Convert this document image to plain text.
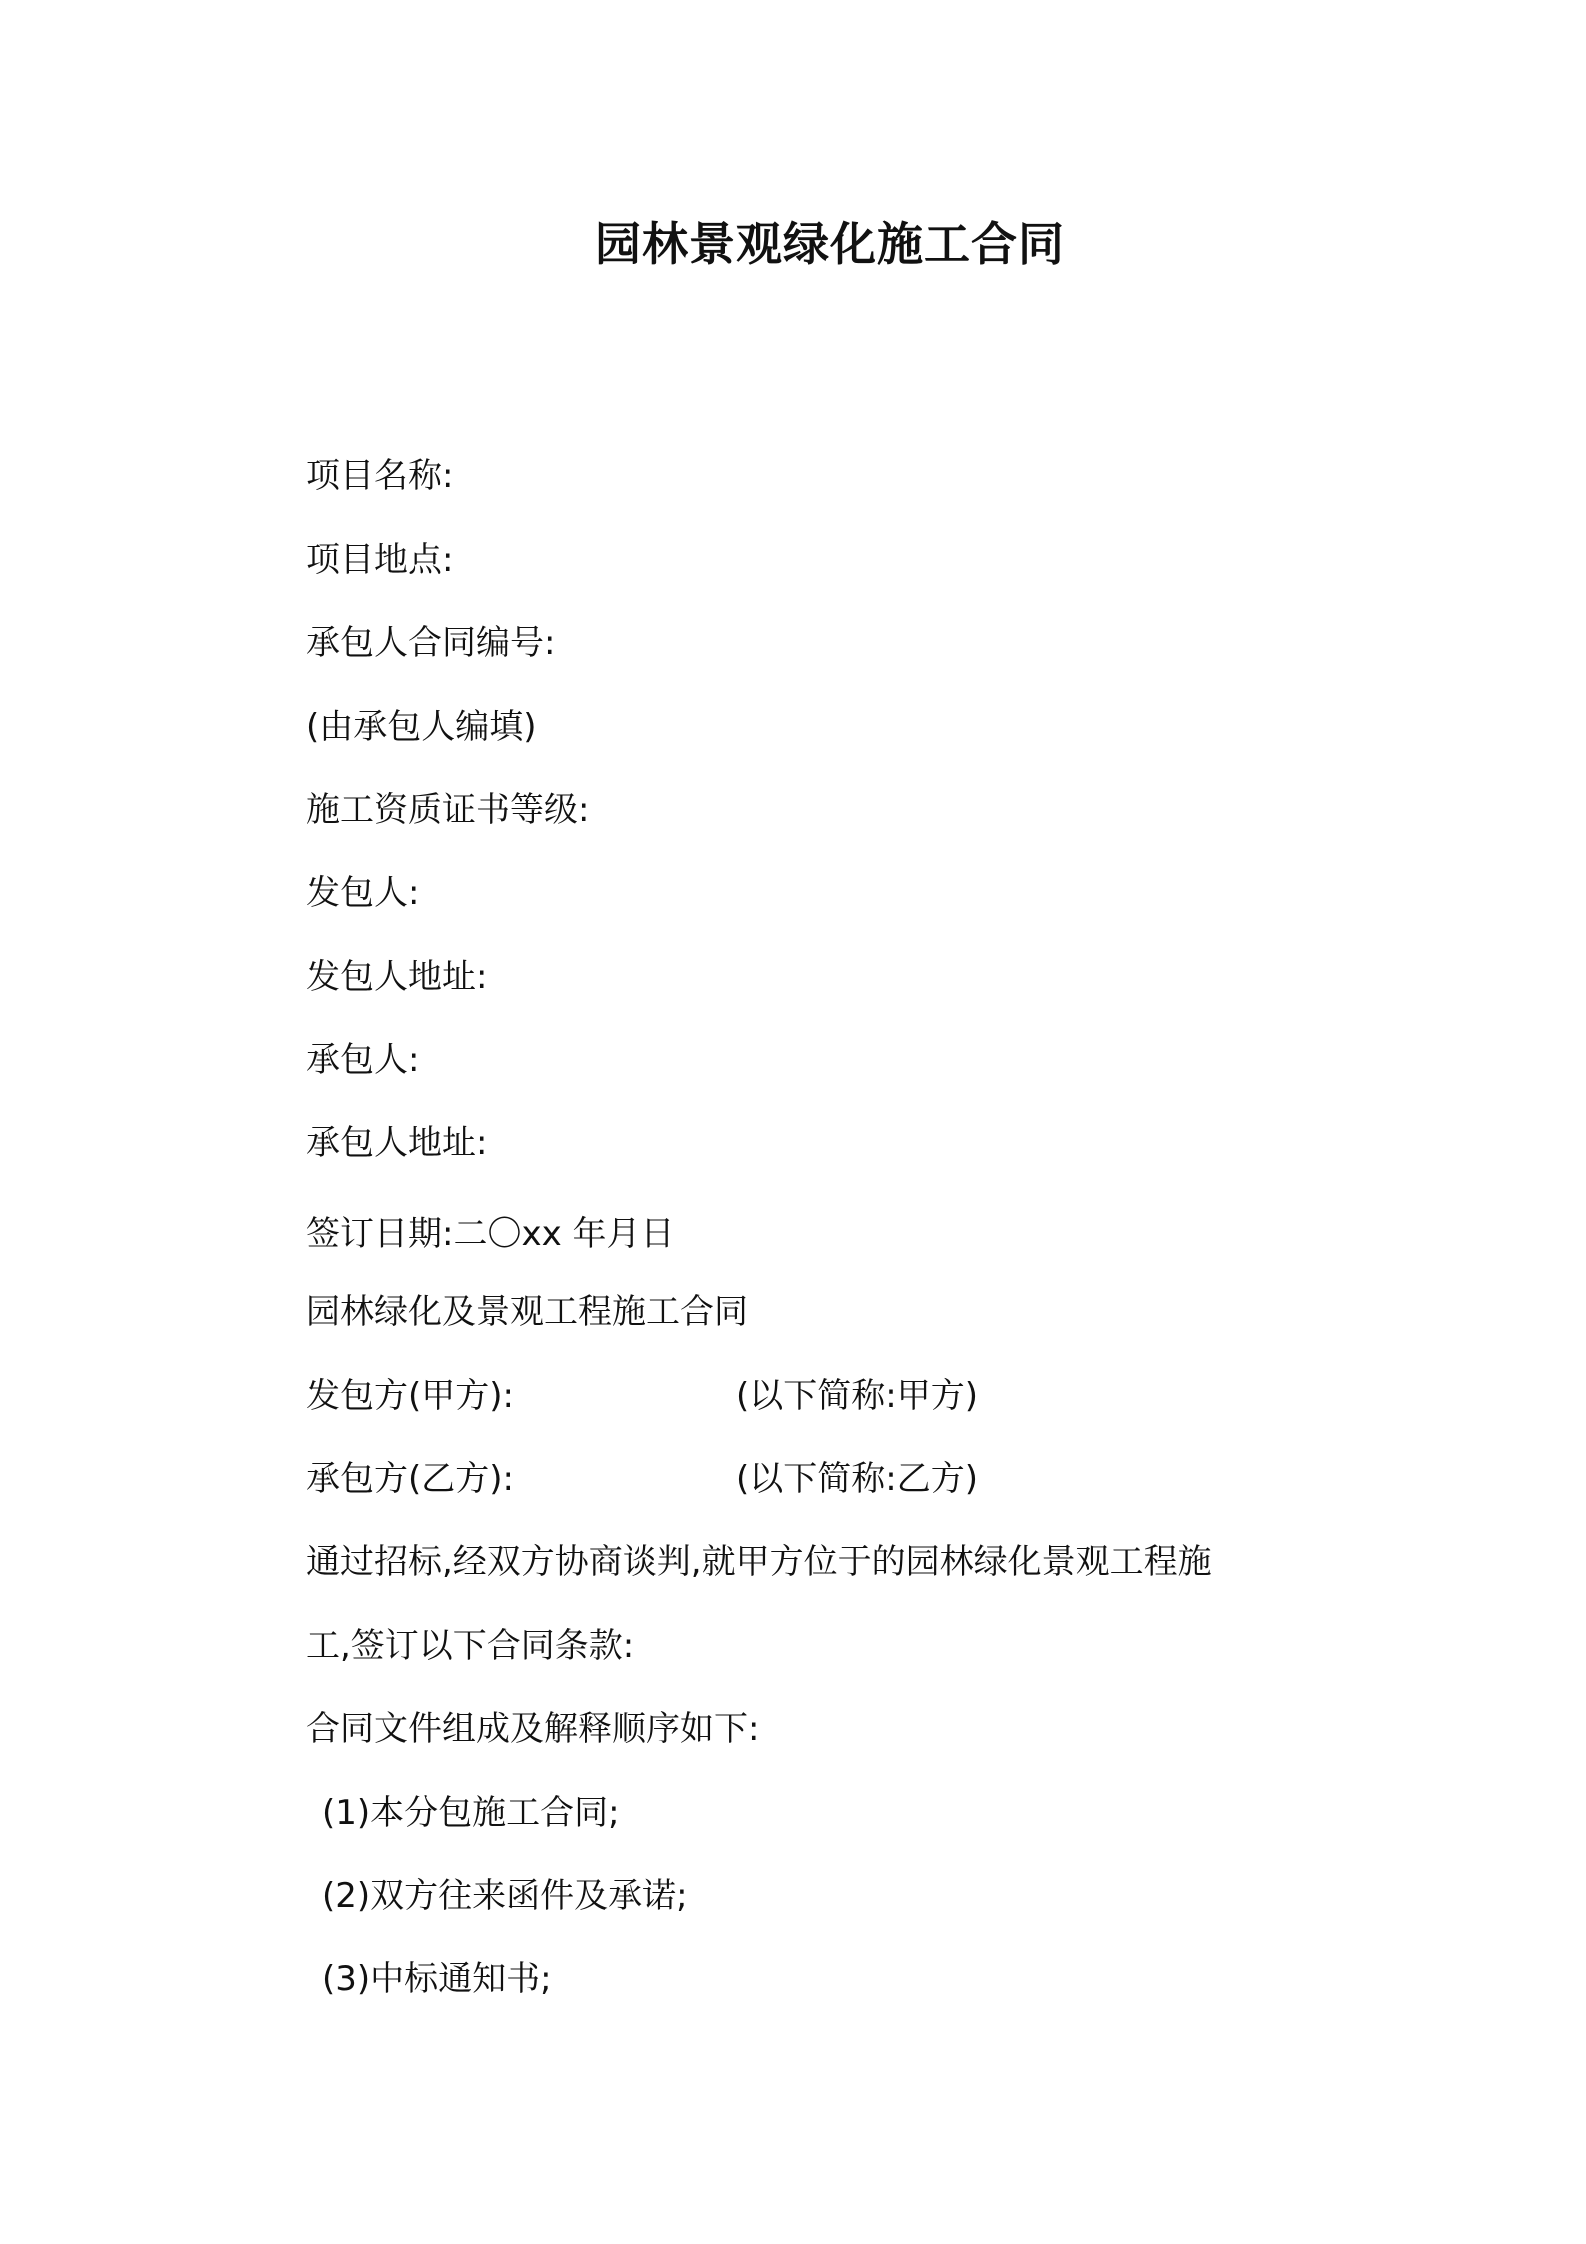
园林景观绿化施工合同

项目名称:

项目地点:

承包人合同编号:

(由承包人编填)

施工资质证书等级:

发包人:

发包人地址:

承包人:

承包人地址:

签订日期:二〇xx 年月日

园林绿化及景观工程施工合同

发包方(甲方):	(以下简称:甲方)

承包方(乙方):	(以下简称:乙方)

通过招标,经双方协商谈判,就甲方位于的园林绿化景观工程施

工,签订以下合同条款:

合同文件组成及解释顺序如下:

(1)本分包施工合同;

(2)双方往来函件及承诺;

(3)中标通知书;
